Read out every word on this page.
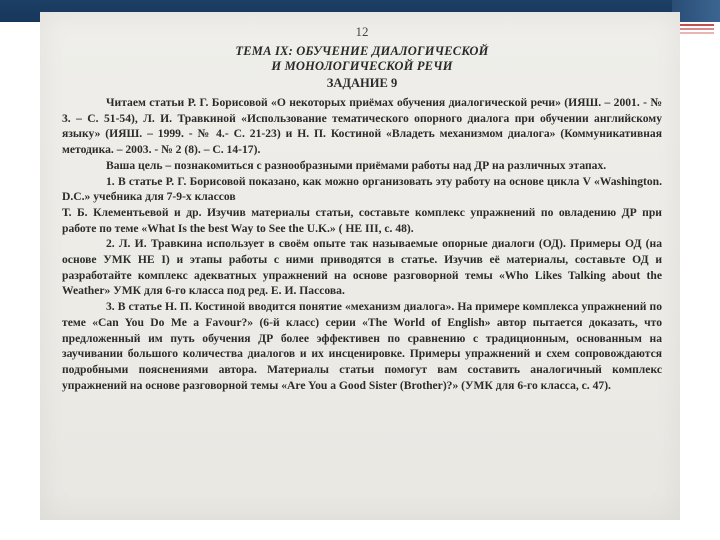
12
ТЕМА IX: ОБУЧЕНИЕ ДИАЛОГИЧЕСКОЙ
И МОНОЛОГИЧЕСКОЙ РЕЧИ
ЗАДАНИЕ 9

Читаем статьи Р. Г. Борисовой «О некоторых приёмах обучения диалогической речи» (ИЯШ. – 2001. - № 3. – С. 51-54), Л. И. Травкиной «Использование тематического опорного диалога при обучении английскому языку» (ИЯШ. – 1999. - № 4.- С. 21-23) и Н. П. Костиной «Владеть механизмом диалога» (Коммуникативная методика. – 2003. - № 2 (8). – С. 14-17).

Ваша цель – познакомиться с разнообразными приёмами работы над ДР на различных этапах.

1. В статье Р. Г. Борисовой показано, как можно организовать эту работу на основе цикла V «Washington. D.C.» учебника для 7-9-х классов

Т. Б. Клементьевой и др. Изучив материалы статьи, составьте комплекс упражнений по овладению ДР при работе по теме «What Is the best Way to See the U.K.» ( HE III, c. 48).

2. Л. И. Травкина использует в своём опыте так называемые опорные диалоги (ОД). Примеры ОД (на основе УМК НЕ I) и этапы работы с ними приводятся в статье. Изучив её материалы, составьте ОД и разработайте комплекс адекватных упражнений на основе разговорной темы «Who Likes Talking about the Weather» УМК для 6-го класса под ред. Е. И. Пассова.

3. В статье Н. П. Костиной вводится понятие «механизм диалога». На примере комплекса упражнений по теме «Can You Do Me a Favour?» (6-й класс) серии «The World of English» автор пытается доказать, что предложенный им путь обучения ДР более эффективен по сравнению с традиционным, основанным на заучивании большого количества диалогов и их инсценировке. Примеры упражнений и схем сопровождаются подробными пояснениями автора. Материалы статьи помогут вам составить аналогичный комплекс упражнений на основе разговорной темы «Are You a Good Sister (Brother)?» (УМК для 6-го класса, с. 47).
